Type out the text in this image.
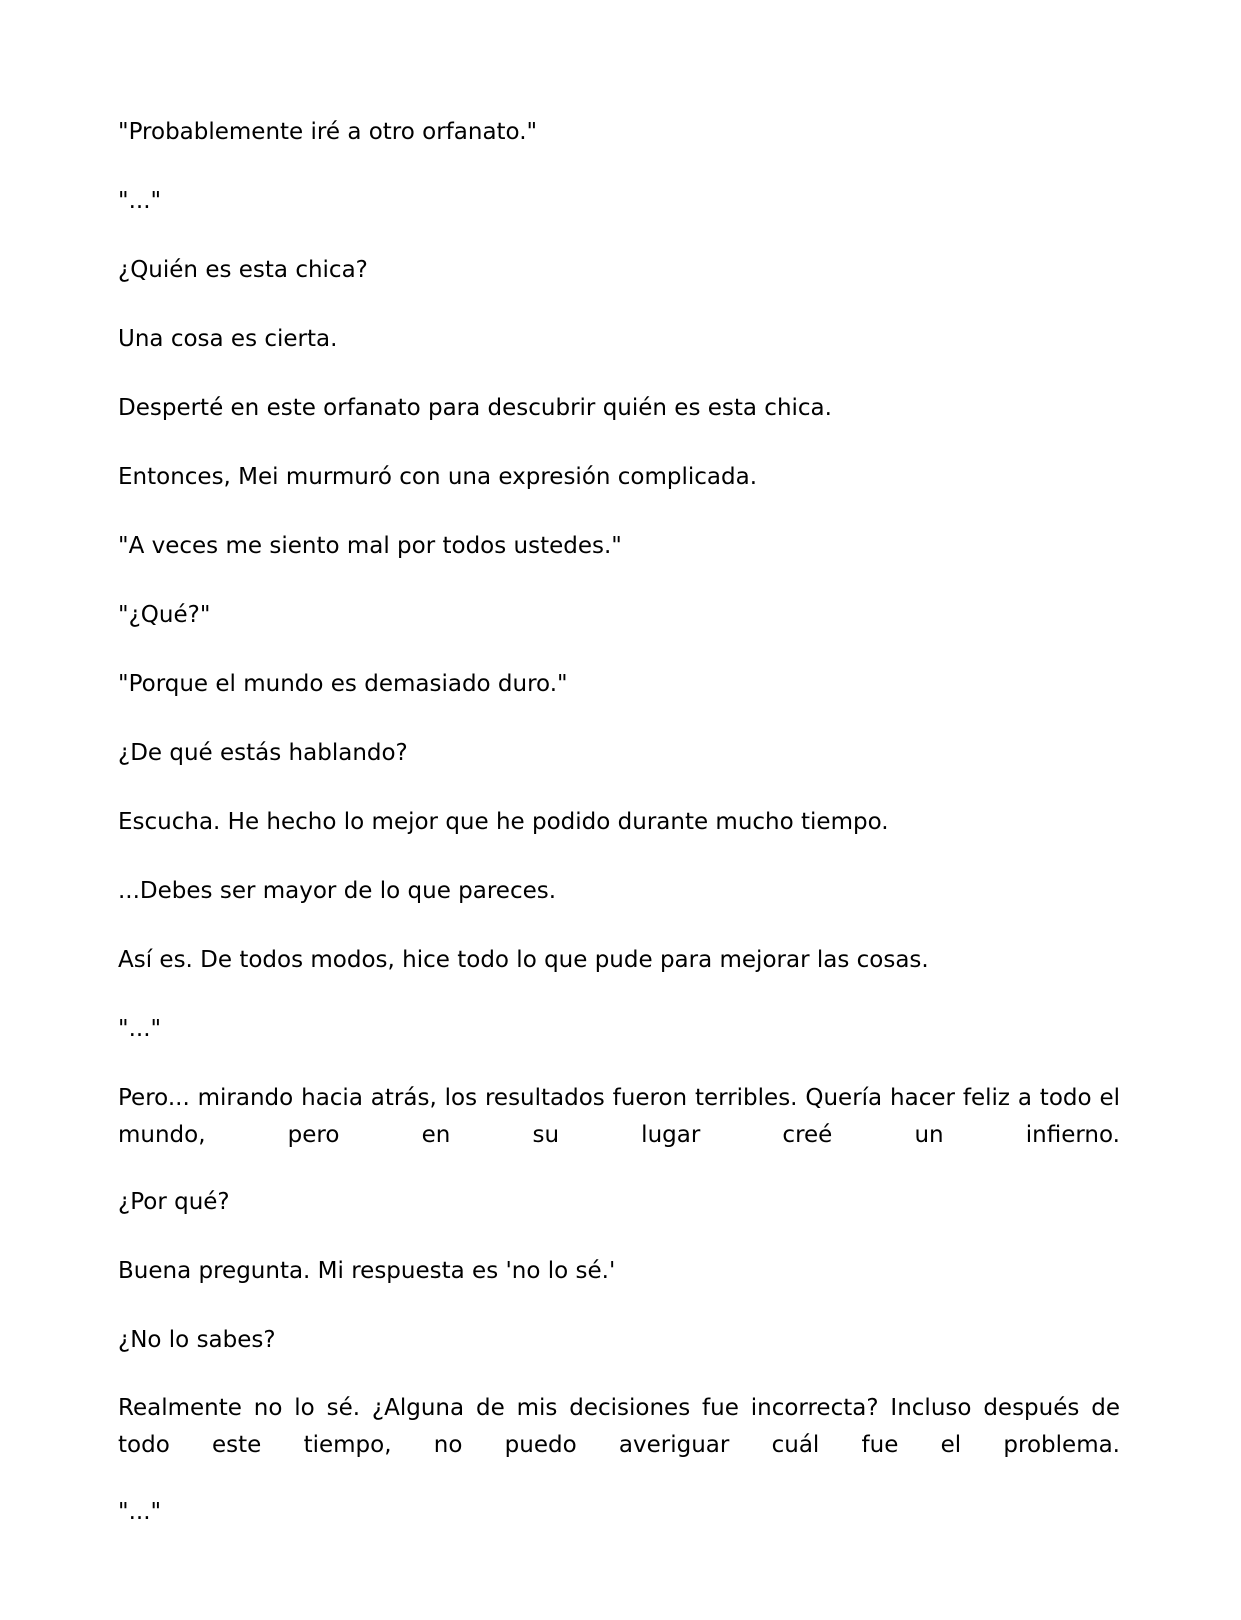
"Probablemente iré a otro orfanato."

"..."

¿Quién es esta chica?

Una cosa es cierta.

Desperté en este orfanato para descubrir quién es esta chica.

Entonces, Mei murmuró con una expresión complicada.

"A veces me siento mal por todos ustedes."

"¿Qué?"

"Porque el mundo es demasiado duro."

¿De qué estás hablando?

Escucha. He hecho lo mejor que he podido durante mucho tiempo.

...Debes ser mayor de lo que pareces.

Así es. De todos modos, hice todo lo que pude para mejorar las cosas.

"..."

Pero... mirando hacia atrás, los resultados fueron terribles. Quería hacer feliz a todo el mundo, pero en su lugar creé un infierno.

¿Por qué?

Buena pregunta. Mi respuesta es 'no lo sé.'

¿No lo sabes?

Realmente no lo sé. ¿Alguna de mis decisiones fue incorrecta? Incluso después de todo este tiempo, no puedo averiguar cuál fue el problema.

"..."
